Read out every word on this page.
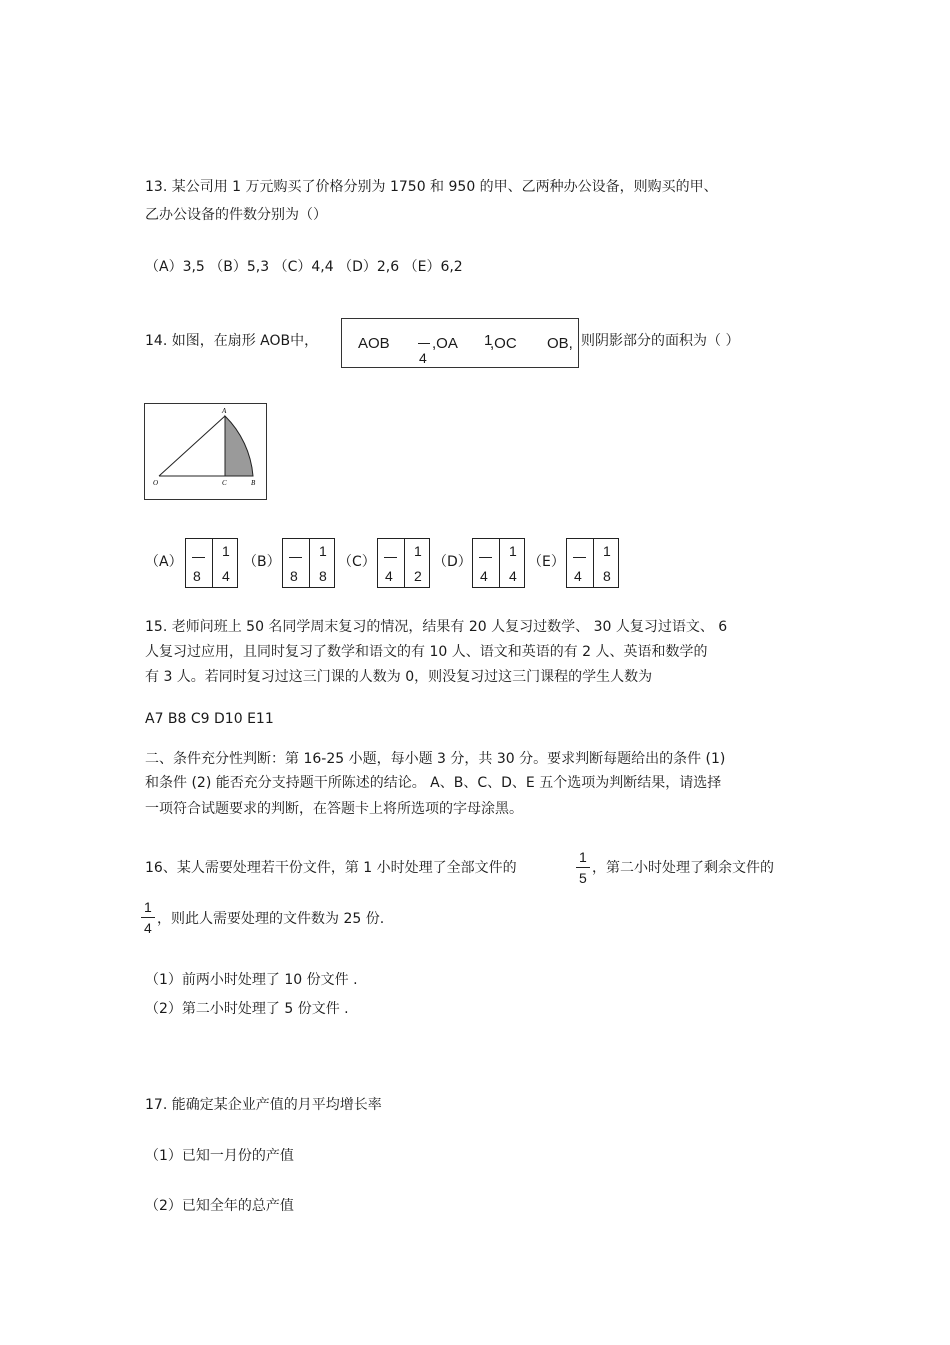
13. 某公司用 1 万元购买了价格分别为 1750 和 950 的甲、乙两种办公设备，则购买的甲、
乙办公设备的件数分别为（）
（A）3,5 （B）5,3 （C）4,4 （D）2,6 （E）6,2
14. 如图，在扇形 AOB中，	AOB
4
,OA 1
,OC OB, 则阴影部分的面积为（ ）
A
O	C	B
（A）
8
1
4
（B）
8
1
8
（C）
4
1
2
（D）
4
1
4
（E）
4
1
8
15. 老师问班上 50 名同学周末复习的情况，结果有 20 人复习过数学、 30 人复习过语文、 6
人复习过应用，且同时复习了数学和语文的有 10 人、语文和英语的有 2 人、英语和数学的
有 3 人。若同时复习过这三门课的人数为 0，则没复习过这三门课程的学生人数为
A7 B8 C9 D10 E11
二、条件充分性判断：第 16-25 小题，每小题 3 分，共 30 分。要求判断每题给出的条件 (1)
和条件 (2) 能否充分支持题干所陈述的结论。 A、B、C、D、E 五个选项为判断结果，请选择
一项符合试题要求的判断，在答题卡上将所选项的字母涂黑。
16、某人需要处理若干份文件，第 1 小时处理了全部文件的
1
5
，第二小时处理了剩余文件的
1
4
，则此人需要处理的文件数为 25 份.
（1）前两小时处理了 10 份文件 .
（2）第二小时处理了 5 份文件 .
17. 能确定某企业产值的月平均增长率
（1）已知一月份的产值
（2）已知全年的总产值
